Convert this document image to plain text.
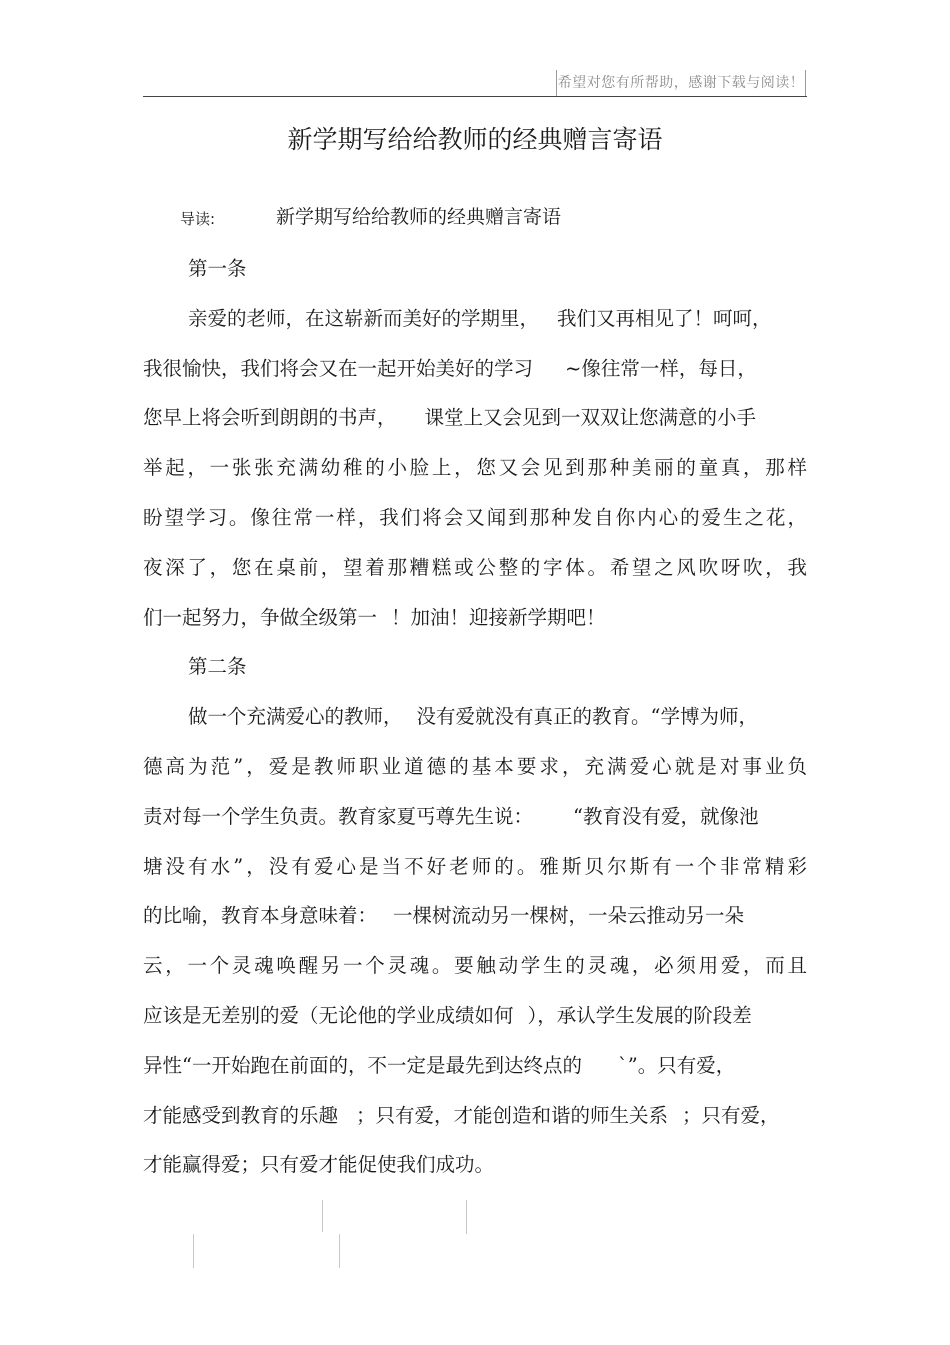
希望对您有所帮助，感谢下载与阅读！
新学期写给给教师的经典赠言寄语
导读:	新学期写给给教师的经典赠言寄语
第一条
亲爱的老师，在这崭新而美好的学期里， 我们又再相见了！呵呵，
我很愉快，我们将会又在一起开始美好的学习 ~像往常一样，每日，
您早上将会听到朗朗的书声， 课堂上又会见到一双双让您满意的小手
举起，一张张充满幼稚的小脸上，您又会见到那种美丽的童真，那样
盼望学习。像往常一样，我们将会又闻到那种发自你内心的爱生之花，
夜深了，您在桌前，望着那糟糕或公整的字体。希望之风吹呀吹，我
们一起努力，争做全级第一 ！加油！迎接新学期吧！
第二条
做一个充满爱心的教师， 没有爱就没有真正的教育。“学博为师，
德高为范”，爱是教师职业道德的基本要求，充满爱心就是对事业负
责对每一个学生负责。教育家夏丐尊先生说： “教育没有爱，就像池
塘没有水”，没有爱心是当不好老师的。雅斯贝尔斯有一个非常精彩
的比喻，教育本身意味着： 一棵树流动另一棵树，一朵云推动另一朵
云，一个灵魂唤醒另一个灵魂。要触动学生的灵魂，必须用爱，而且
应该是无差别的爱（无论他的学业成绩如何 ），承认学生发展的阶段差
异性“一开始跑在前面的，不一定是最先到达终点的 `”。只有爱，
才能感受到教育的乐趣 ；只有爱，才能创造和谐的师生关系 ；只有爱，
才能赢得爱；只有爱才能促使我们成功。
